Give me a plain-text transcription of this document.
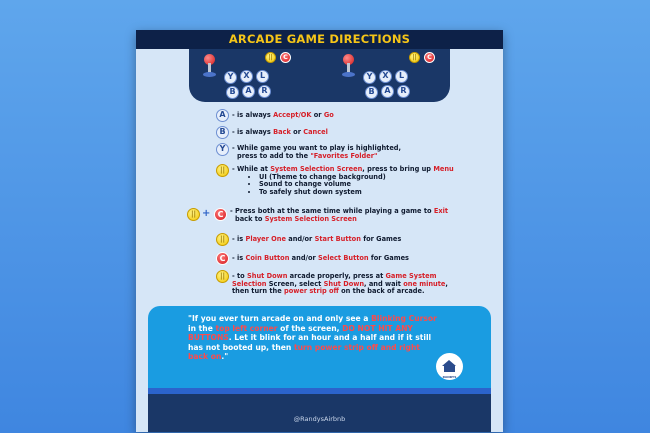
ARCADE GAME DIRECTIONS
||	C
Y	X	L
B	A	R
||	C
Y	X	L
B	A	R
A - is always Accept/OK or Go
B - is always Back or Cancel
Y	- While game you want to play is highlighted,
press to add to the "Favorites Folder"
||	- While at System Selection Screen, press to bring up Menu
• UI (Theme to change background)
• Sound to change volume
• To safely shut down system
|| + C - Press both at the same time while playing a game to Exit
back to System Selection Screen
||	- is Player One and/or Start Button for Games
C - is Coin Button and/or Select Button for Games
||	- to Shut Down arcade properly, press at Game System
Selection Screen, select Shut Down, and wait one minute,
then turn the power strip off on the back of arcade.
"If you ever turn arcade on and only see a Blinking Cursor in the top left corner of the screen, DO NOT HIT ANY BUTTONS. Let it blink for an hour and a half and if it still has not booted up, then turn power strip off and right back on."
RANDYS
@RandysAirbnb
